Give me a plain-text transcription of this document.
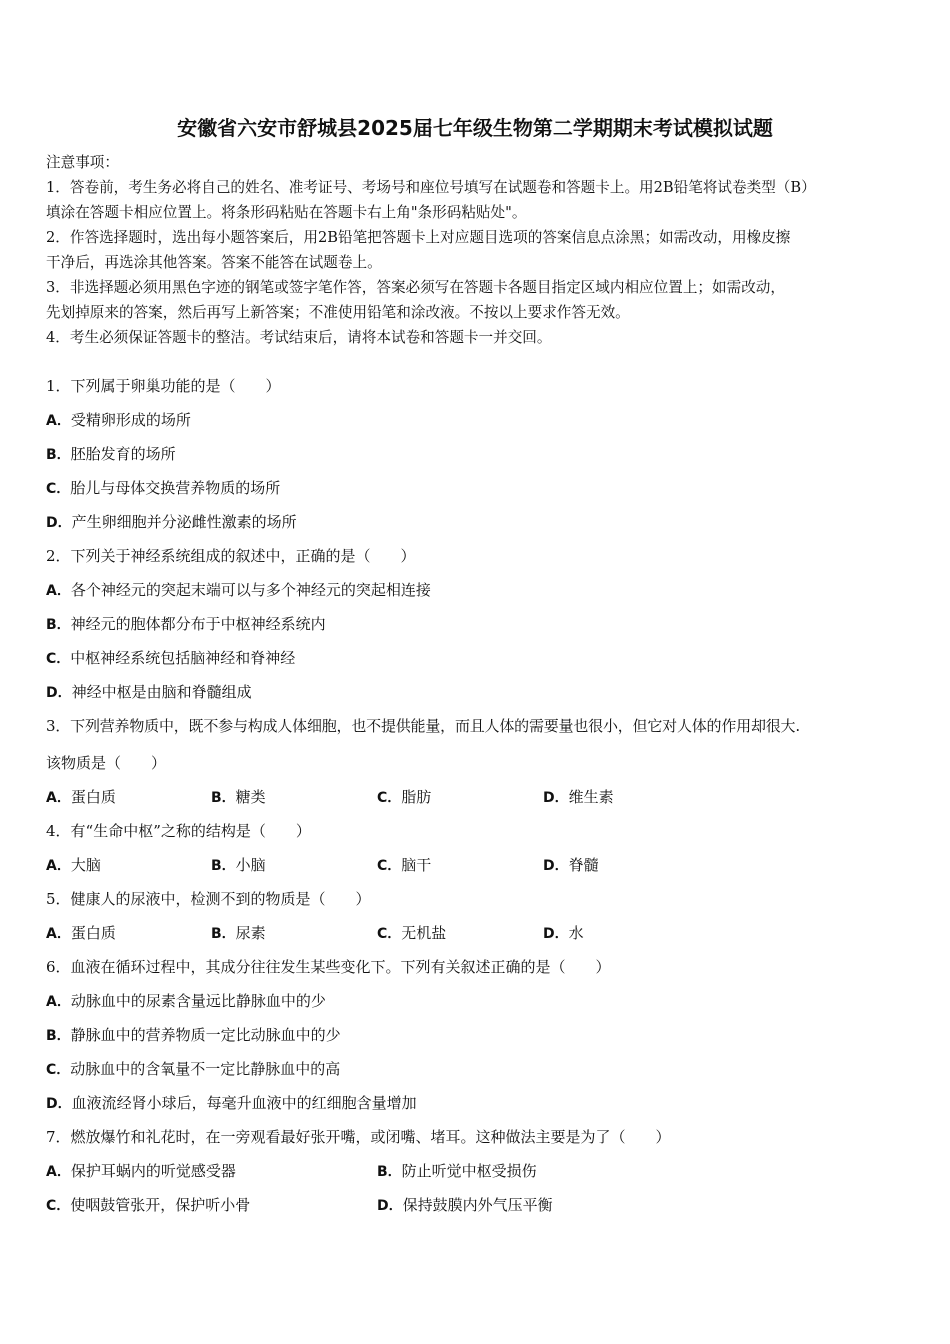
安徽省六安市舒城县2025届七年级生物第二学期期末考试模拟试题

注意事项：

1．答卷前，考生务必将自己的姓名、准考证号、考场号和座位号填写在试题卷和答题卡上。用2B铅笔将试卷类型（B）

填涂在答题卡相应位置上。将条形码粘贴在答题卡右上角"条形码粘贴处"。

2．作答选择题时，选出每小题答案后，用2B铅笔把答题卡上对应题目选项的答案信息点涂黑；如需改动，用橡皮擦

干净后，再选涂其他答案。答案不能答在试题卷上。

3．非选择题必须用黑色字迹的钢笔或签字笔作答，答案必须写在答题卡各题目指定区域内相应位置上；如需改动，

先划掉原来的答案，然后再写上新答案；不准使用铅笔和涂改液。不按以上要求作答无效。

4．考生必须保证答题卡的整洁。考试结束后，请将本试卷和答题卡一并交回。

1．下列属于卵巢功能的是（　　）
A．受精卵形成的场所
B．胚胎发育的场所
C．胎儿与母体交换营养物质的场所
D．产生卵细胞并分泌雌性激素的场所
2．下列关于神经系统组成的叙述中，正确的是（　　）
A．各个神经元的突起末端可以与多个神经元的突起相连接
B．神经元的胞体都分布于中枢神经系统内
C．中枢神经系统包括脑神经和脊神经
D．神经中枢是由脑和脊髓组成
3．下列营养物质中，既不参与构成人体细胞，也不提供能量，而且人体的需要量也很小，但它对人体的作用却很大.
该物质是（　　）
A．蛋白质	B．糖类	C．脂肪	D．维生素
4．有“生命中枢”之称的结构是（　　）
A．大脑	B．小脑	C．脑干	D．脊髓
5．健康人的尿液中，检测不到的物质是（　　）
A．蛋白质	B．尿素	C．无机盐	D．水
6．血液在循环过程中，其成分往往发生某些变化下。下列有关叙述正确的是（　　）
A．动脉血中的尿素含量远比静脉血中的少
B．静脉血中的营养物质一定比动脉血中的少
C．动脉血中的含氧量不一定比静脉血中的高
D．血液流经肾小球后，每毫升血液中的红细胞含量增加
7．燃放爆竹和礼花时，在一旁观看最好张开嘴，或闭嘴、堵耳。这种做法主要是为了（　　）
A．保护耳蜗内的听觉感受器	B．防止听觉中枢受损伤
C．使咽鼓管张开，保护听小骨	D．保持鼓膜内外气压平衡
